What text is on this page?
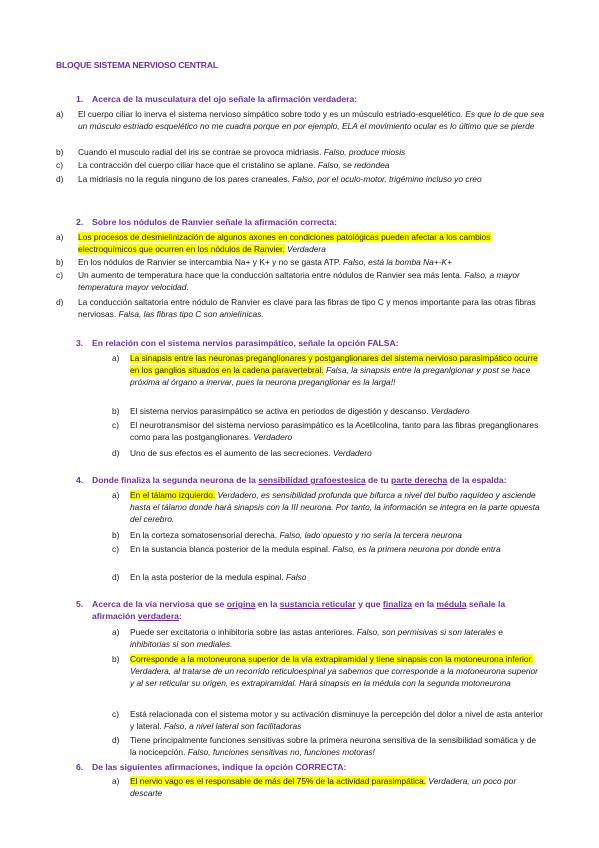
BLOQUE SISTEMA NERVIOSO CENTRAL
1. Acerca de la musculatura del ojo señale la afirmación verdadera:
a) El cuerpo ciliar lo inerva el sistema nervioso simpático sobre todo y es un músculo estriado-esquelético. Es que lo de que sea un músculo estriado esquelético no me cuadra porque en por ejemplo, ELA el movimiento ocular es lo último que se pierde
b) Cuando el musculo radial del iris se contrae se provoca midriasis. Falso, produce miosis
c) La contracción del cuerpo ciliar hace que el cristalino se aplane. Falso, se redondea
d) La midriasis no la regula ninguno de los pares craneales. Falso, por el oculo-motor, trigémino incluso yo creo
2. Sobre los nódulos de Ranvier señale la afirmación correcta:
a) Los procesos de desmielinización de algunos axones en condiciones patológicas pueden afectar a los cambios electroquímicos que ocurren en los nódulos de Ranvier. Verdadera
b) En los nódulos de Ranvier se intercambia Na+ y K+ y no se gasta ATP. Falso, está la bomba Na+-K+
c) Un aumento de temperatura hace que la conducción saltatoria entre nódulos de Ranvier sea más lenta. Falso, a mayor temperatura mayor velocidad.
d) La conducción saltatoria entre nódulo de Ranvier es clave para las fibras de tipo C y menos importante para las otras fibras nerviosas. Falsa, las fibras tipo C son amielínicas.
3. En relación con el sistema nervios parasimpático, señale la opción FALSA:
a) La sinapsis entre las neuronas preganglionares y postganglionares del sistema nervioso parasimpático ocurre en los ganglios situados en la cadena paravertebral. Falsa, la sinapsis entre la preganlgionar y post se hace próxima al órgano a inervar, pues la neurona preganglionar es la larga!!
b) El sistema nervios parasimpático se activa en periodos de digestión y descanso. Verdadero
c) El neurotransmisor del sistema nervioso parasimpático es la Acetilcolina, tanto para las fibras preganglionares como para las postganglionares. Verdadero
d) Uno de sus efectos es el aumento de las secreciones. Verdadero
4. Donde finaliza la segunda neurona de la sensibilidad grafoestesica de tu parte derecha de la espalda:
a) En el tálamo izquierdo. Verdadero, es sensibilidad profunda que bifurca a nivel del bulbo raquídeo y asciende hasta el tálamo donde hará sinapsis con la III neurona. Por tanto, la información se integra en la parte opuesta del cerebro.
b) En la corteza somatosensorial derecha. Falso, lado opuesto y no sería la tercera neurona
c) En la sustancia blanca posterior de la medula espinal. Falso, es la primera neurona por donde entra
d) En la asta posterior de la medula espinal. Falso
5. Acerca de la vía nerviosa que se origina en la sustancia reticular y que finaliza en la médula señale la afirmación verdadera:
a) Puede ser excitatoria o inhibitoria sobre las astas anteriores. Falso, son permisivas si son laterales e inhibitorias si son mediales.
b) Corresponde a la motoneurona superior de la vía extrapiramidal y tiene sinapsis con la motoneurona inferior. Verdadera, al tratarse de un recorrido reticuloespinal ya sabemos que corresponde a la motoneurona superior y al ser reticular su origen, es extrapiramidal. Hará sinapsis en la médula con la segunda motoneurona
c) Está relacionada con el sistema motor y su activación disminuye la percepción del dolor a nivel de asta anterior y lateral. Falso, a nivel lateral son facilitadoras
d) Tiene principalmente funciones sensitivas sobre la primera neurona sensitiva de la sensibilidad somática y de la nocicepción. Falso, funciones sensitivas no, funciones motoras!
6. De las siguientes afirmaciones, indique la opción CORRECTA:
a) El nervio vago es el responsable de más del 75% de la actividad parasimpática. Verdadera, un poco por descarte
